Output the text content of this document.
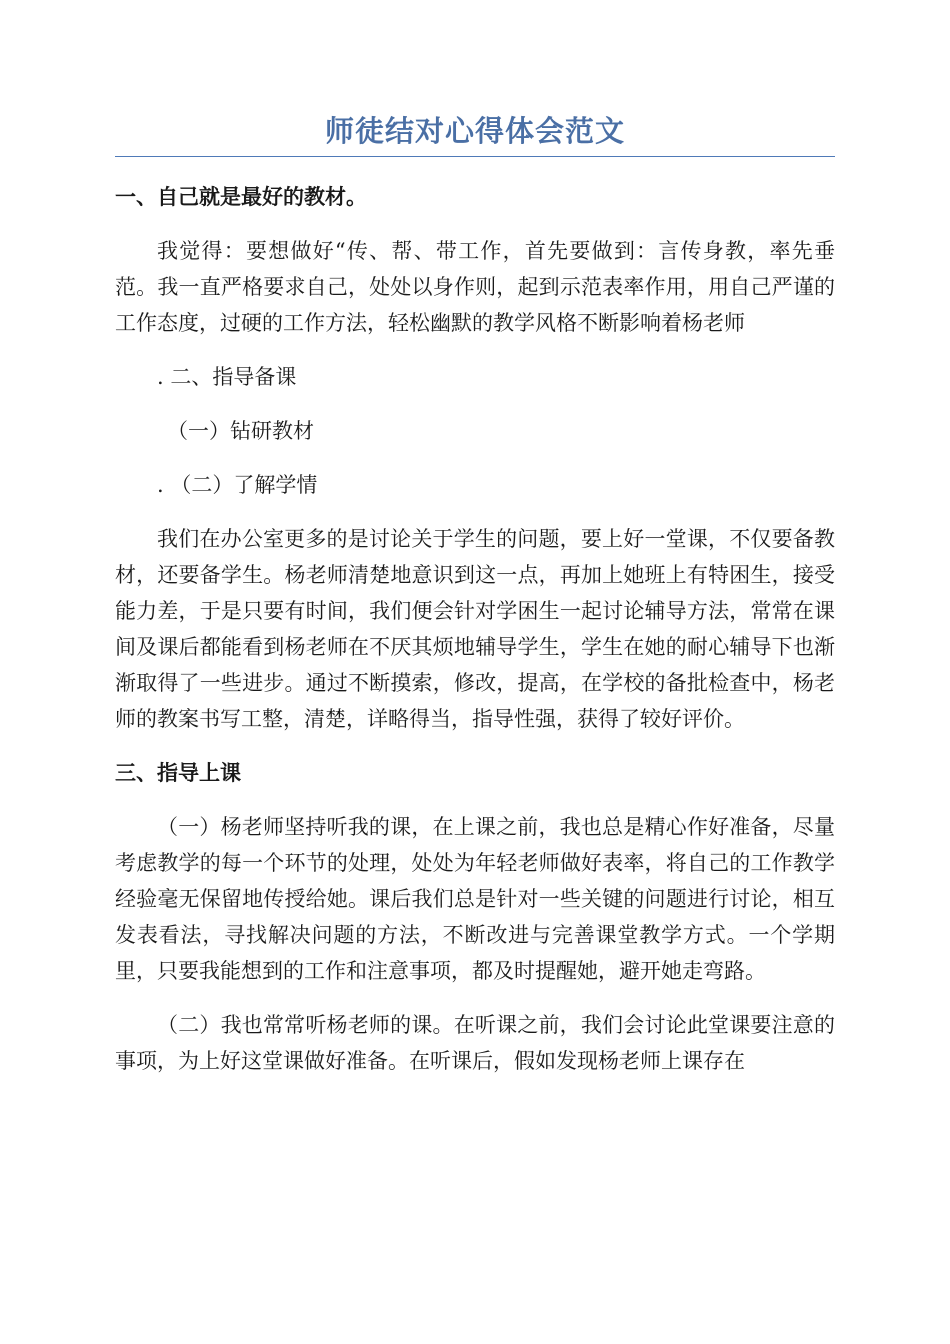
师徒结对心得体会范文

一、自己就是最好的教材。

我觉得：要想做好“传、帮、带工作，首先要做到：言传身教，率先垂范。我一直严格要求自己，处处以身作则，起到示范表率作用，用自己严谨的工作态度，过硬的工作方法，轻松幽默的教学风格不断影响着杨老师

. 二、指导备课

（一）钻研教材

. （二）了解学情

我们在办公室更多的是讨论关于学生的问题，要上好一堂课，不仅要备教材，还要备学生。杨老师清楚地意识到这一点，再加上她班上有特困生，接受能力差，于是只要有时间，我们便会针对学困生一起讨论辅导方法，常常在课间及课后都能看到杨老师在不厌其烦地辅导学生，学生在她的耐心辅导下也渐渐取得了一些进步。通过不断摸索，修改，提高，在学校的备批检查中，杨老师的教案书写工整，清楚，详略得当，指导性强，获得了较好评价。

三、指导上课

（一）杨老师坚持听我的课，在上课之前，我也总是精心作好准备，尽量考虑教学的每一个环节的处理，处处为年轻老师做好表率，将自己的工作教学经验毫无保留地传授给她。课后我们总是针对一些关键的问题进行讨论，相互发表看法，寻找解决问题的方法，不断改进与完善课堂教学方式。一个学期里，只要我能想到的工作和注意事项，都及时提醒她，避开她走弯路。

（二）我也常常听杨老师的课。在听课之前，我们会讨论此堂课要注意的事项，为上好这堂课做好准备。在听课后，假如发现杨老师上课存在
